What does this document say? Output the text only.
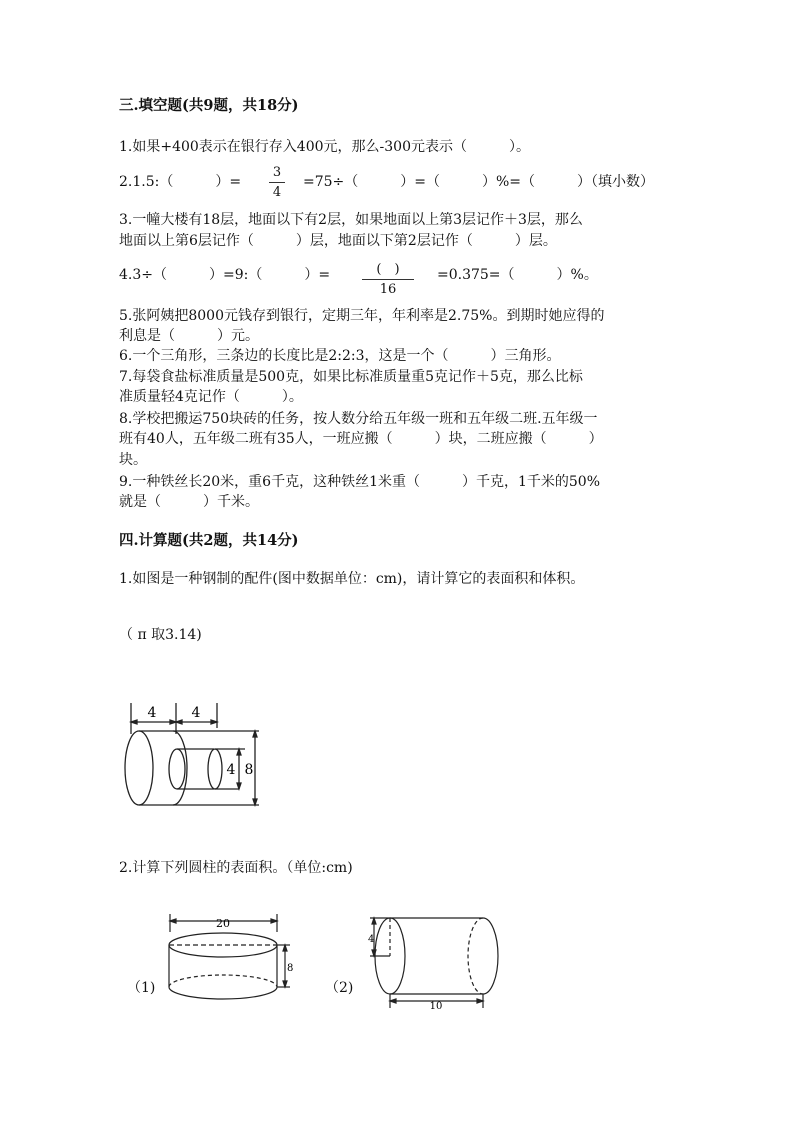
三.填空题(共9题，共18分)
1.如果+400表示在银行存入400元，那么-300元表示（　　　）。
2.1.5:（　　　）=
3
4
=75÷（　　　）=（　　　）%=（　　　）（填小数）
3.一幢大楼有18层，地面以下有2层，如果地面以上第3层记作＋3层，那么
地面以上第6层记作（　　　）层，地面以下第2层记作（　　　）层。
4.3÷（　　　）=9:（　　　）=	(　)
16
=0.375=（　　　）%。
5.张阿姨把8000元钱存到银行，定期三年，年利率是2.75%。到期时她应得的
利息是（　　　）元。
6.一个三角形，三条边的长度比是2:2:3，这是一个（　　　）三角形。
7.每袋食盐标准质量是500克，如果比标准质量重5克记作＋5克，那么比标
准质量轻4克记作（　　　）。
8.学校把搬运750块砖的任务，按人数分给五年级一班和五年级二班.五年级一
班有40人，五年级二班有35人，一班应搬（　　　）块，二班应搬（　　　）
块。
9.一种铁丝长20米，重6千克，这种铁丝1米重（　　　）千克，1千米的50%
就是（　　　）千米。
四.计算题(共2题，共14分)
1.如图是一种钢制的配件(图中数据单位：cm)，请计算它的表面积和体积。
（ π 取3.14)
4	4
4 8
2.计算下列圆柱的表面积。（单位:cm)
（1)
20
8
（2)
4
10
